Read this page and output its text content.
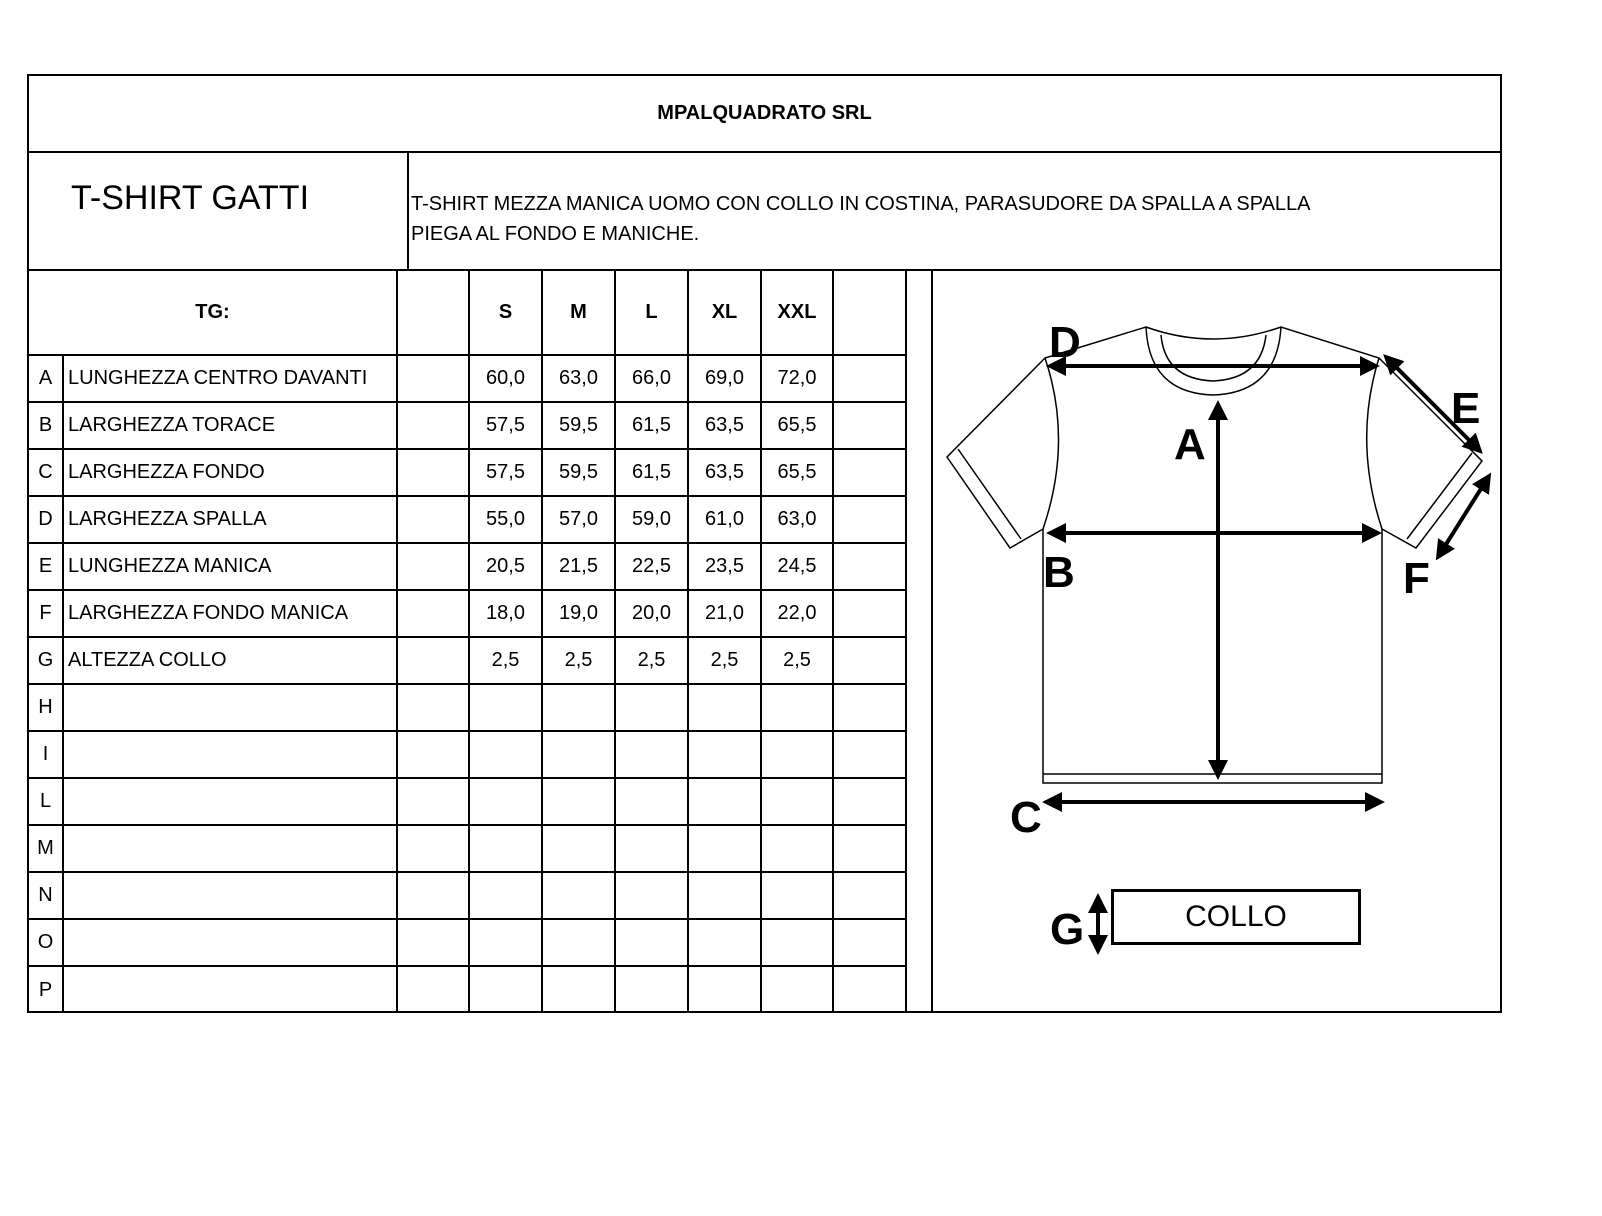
MPALQUADRATO SRL
T-SHIRT GATTI	T-SHIRT MEZZA MANICA UOMO CON COLLO IN COSTINA, PARASUDORE DA SPALLA A SPALLA
PIEGA AL FONDO E MANICHE.
TG:			S	M	L	XL	XXL	
A	LUNGHEZZA CENTRO DAVANTI		60,0	63,0	66,0	69,0	72,0	
B	LARGHEZZA TORACE		57,5	59,5	61,5	63,5	65,5	
C	LARGHEZZA FONDO		57,5	59,5	61,5	63,5	65,5	
D	LARGHEZZA SPALLA		55,0	57,0	59,0	61,0	63,0	
E	LUNGHEZZA MANICA		20,5	21,5	22,5	23,5	24,5	
F	LARGHEZZA FONDO MANICA		18,0	19,0	20,0	21,0	22,0	
G	ALTEZZA COLLO		2,5	2,5	2,5	2,5	2,5	
H								
I								
L								
M								
N								
O								
P								
A
B
C
D
E
F
G	COLLO
